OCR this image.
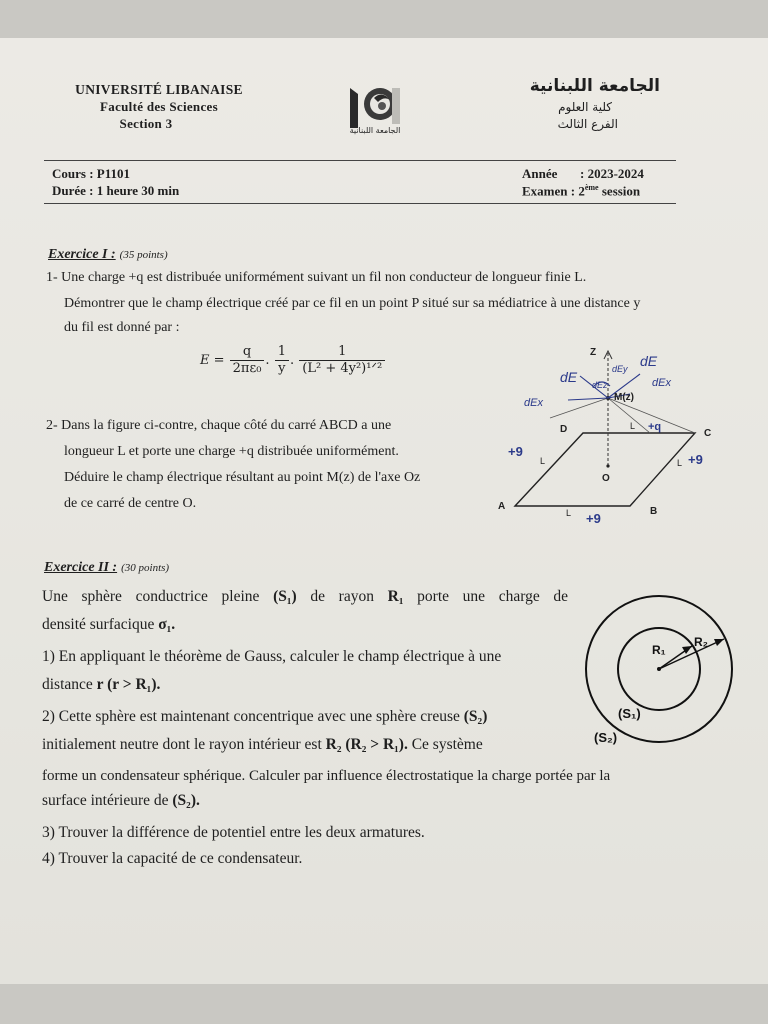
UNIVERSITÉ LIBANAISE
Faculté des Sciences
Section 3	الجامعة اللبنانية
الجامعة اللبنانية
كلية العلوم
الفرع الثالث
Cours : P1101
Durée : 1 heure 30 min
Année : 2023-2024
Examen : 2ème session
Exercice I : (35 points)
1- Une charge +q est distribuée uniformément suivant un fil non conducteur de longueur finie L.
Démontrer que le champ électrique créé par ce fil en un point P situé sur sa médiatrice à une distance y
du fil est donné par :
$E = \frac{q}{\text{2πε₀}}$ . $\frac{1}{y}$ . $\frac{1}{\text{(L² + 4y²)¹ᐟ²}}$
2- Dans la figure ci-contre, chaque côté du carré ABCD a une
longueur L et porte une charge +q distribuée uniformément.
Déduire le champ électrique résultant au point M(z) de l'axe Oz
de ce carré de centre O.
Z
M(z)
D	C
A	B
O
L
L	L
L
+q
+9
+9
+9
dE
dE
dEy
dEx
dEx
dEz
Exercice II : (30 points)
Une sphère conductrice pleine (S₁) de rayon R₁ porte une charge de
densité surfacique σ₁.
1) En appliquant le théorème de Gauss, calculer le champ électrique à une
distance r (r > R₁).
2) Cette sphère est maintenant concentrique avec une sphère creuse (S₂)
initialement neutre dont le rayon intérieur est R₂ (R₂ > R₁). Ce système
forme un condensateur sphérique. Calculer par influence électrostatique la charge portée par la
surface intérieure de (S₂).
3) Trouver la différence de potentiel entre les deux armatures.
4) Trouver la capacité de ce condensateur.
R₁
R₂
(S₁)
(S₂)
